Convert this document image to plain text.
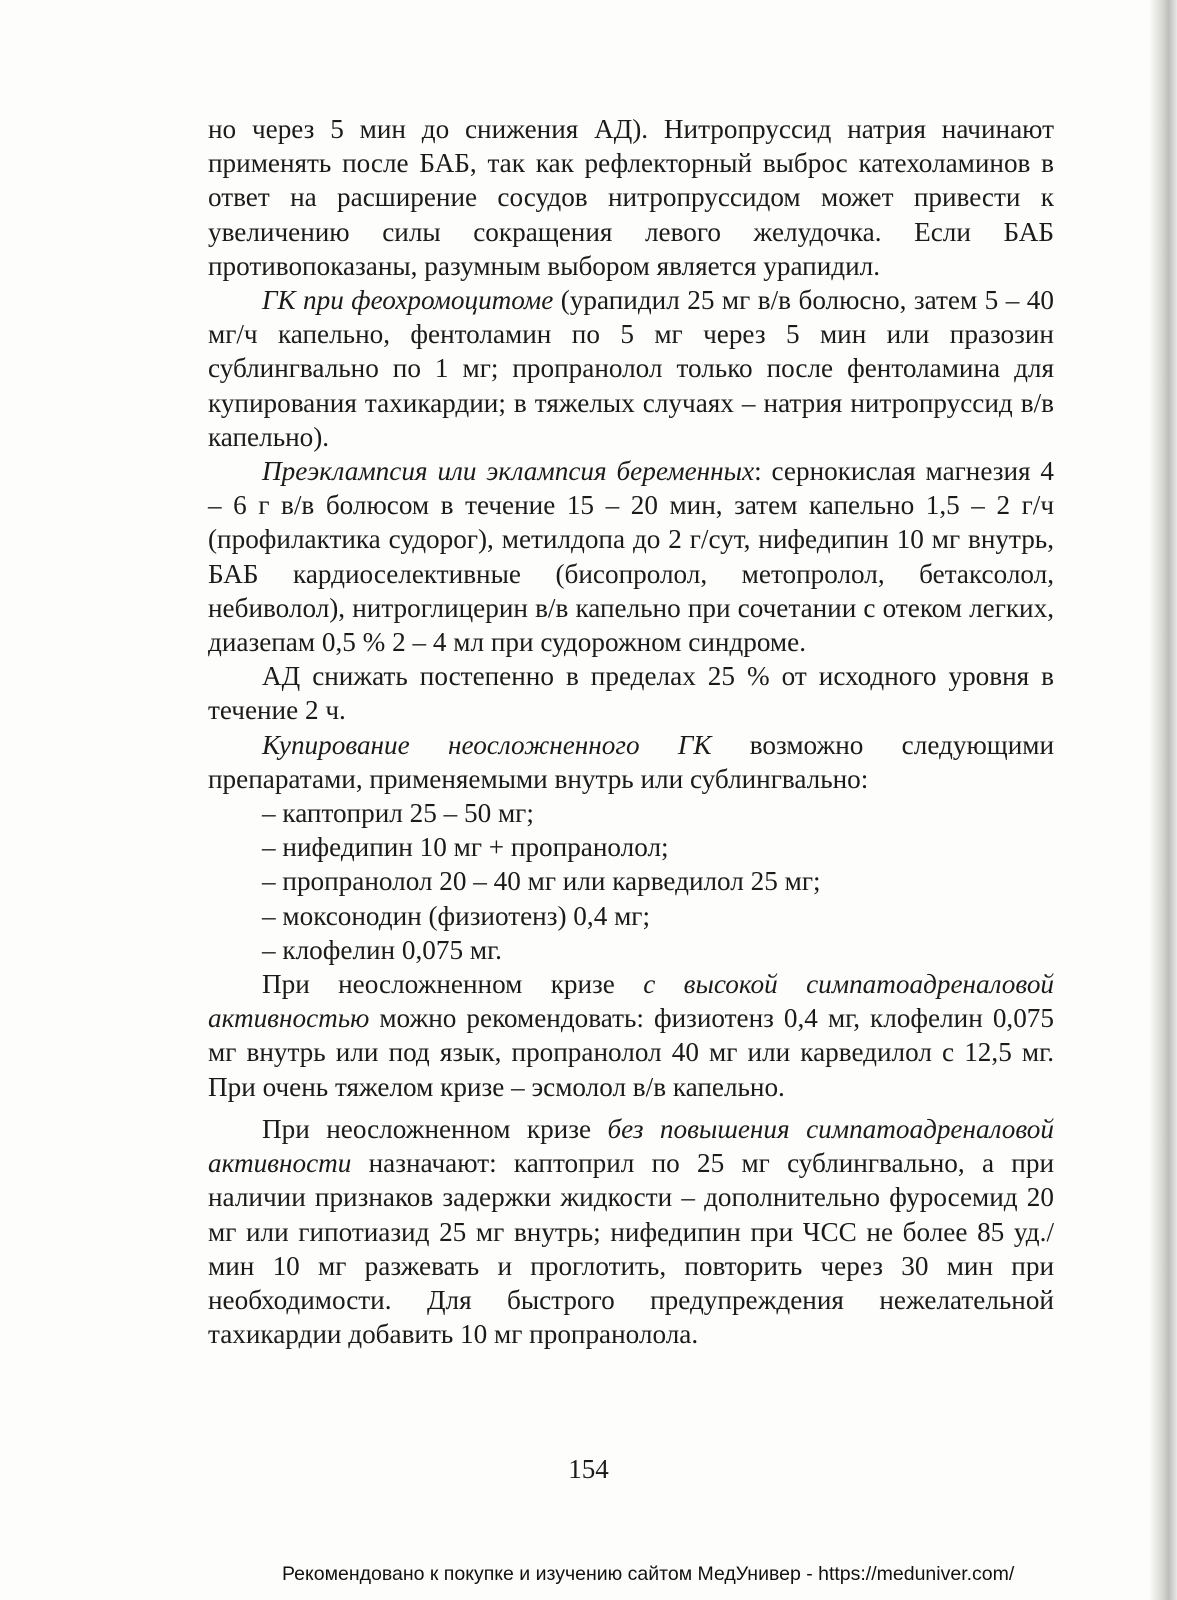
но через 5 мин до снижения АД). Нитропруссид натрия начинают применять после БАБ, так как рефлекторный выброс катехоламинов в ответ на расширение сосудов нитропруссидом может привести к увеличению силы сокращения левого желудочка. Если БАБ противопоказаны, разумным выбором является урапидил.

ГК при феохромоцитоме (урапидил 25 мг в/в болюсно, затем 5 – 40 мг/ч капельно, фентоламин по 5 мг через 5 мин или празозин сублингвально по 1 мг; пропранолол только после фентоламина для купирования тахикардии; в тяжелых случаях – натрия нитропруссид в/в капельно).

Преэклампсия или эклампсия беременных: сернокислая магнезия 4 – 6 г в/в болюсом в течение 15 – 20 мин, затем капельно 1,5 – 2 г/ч (профилактика судорог), метилдопа до 2 г/сут, нифедипин 10 мг внутрь, БАБ кардиоселективные (бисопролол, метопролол, бетаксолол, небиволол), нитроглицерин в/в капельно при сочетании с отеком легких, диазепам 0,5 % 2 – 4 мл при судорожном синдроме.

АД снижать постепенно в пределах 25 % от исходного уровня в течение 2 ч.

Купирование неосложненного ГК возможно следующими препаратами, применяемыми внутрь или сублингвально:

– каптоприл 25 – 50 мг;
– нифедипин 10 мг + пропранолол;
– пропранолол 20 – 40 мг или карведилол 25 мг;
– моксонодин (физиотенз) 0,4 мг;
– клофелин 0,075 мг.

При неосложненном кризе с высокой симпатоадреналовой активностью можно рекомендовать: физиотенз 0,4 мг, клофелин 0,075 мг внутрь или под язык, пропранолол 40 мг или карведилол с 12,5 мг. При очень тяжелом кризе – эсмолол в/в капельно.

При неосложненном кризе без повышения симпатоадреналовой активности назначают: каптоприл по 25 мг сублингвально, а при наличии признаков задержки жидкости – дополнительно фуросемид 20 мг или гипотиазид 25 мг внутрь; нифедипин при ЧСС не более 85 уд./мин 10 мг разжевать и проглотить, повторить через 30 мин при необходимости. Для быстрого предупреждения нежелательной тахикардии добавить 10 мг пропранолола.

154
Рекомендовано к покупке и изучению сайтом МедУнивер - https://meduniver.com/
